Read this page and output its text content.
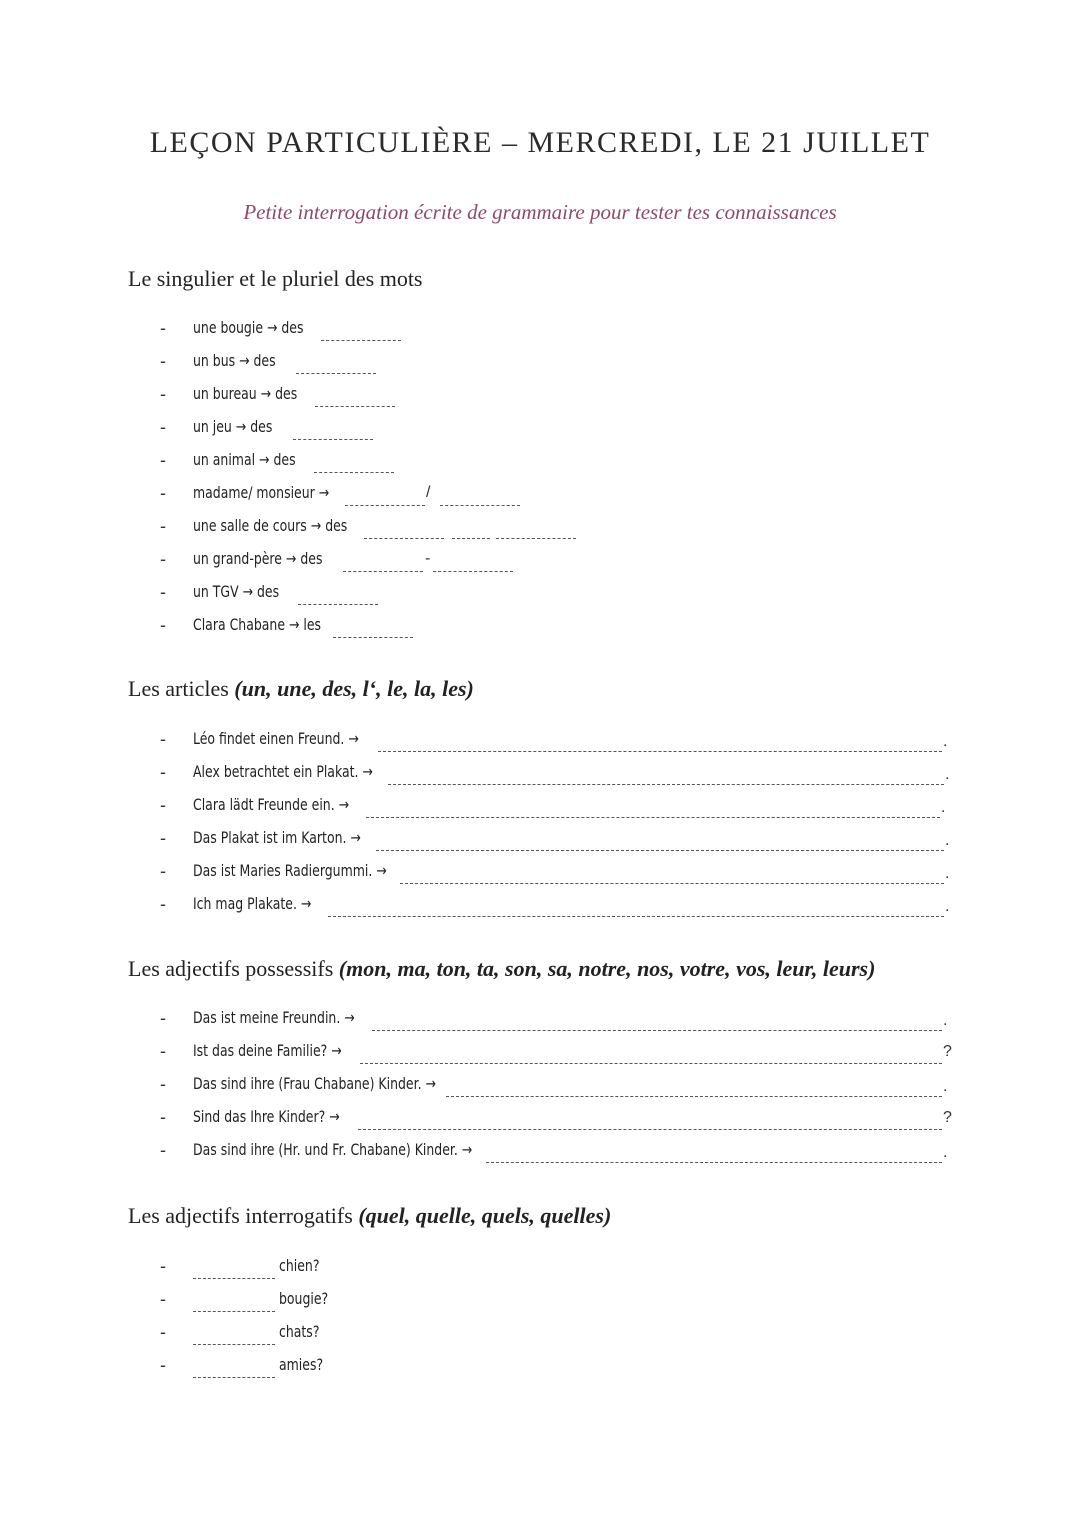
LEÇON PARTICULIÈRE – MERCREDI, LE 21 JUILLET
Petite interrogation écrite de grammaire pour tester tes connaissances
Le singulier et le pluriel des mots
- une bougie → des
- un bus → des
- un bureau → des
- un jeu → des
- un animal → des
- madame/ monsieur →	/
- une salle de cours → des
- un grand-père → des	-
- un TGV → des
- Clara Chabane → les
Les articles (un, une, des, l‘, le, la, les)
- Léo findet einen Freund. →	.
- Alex betrachtet ein Plakat. →	.
- Clara lädt Freunde ein. →	.
- Das Plakat ist im Karton. →	.
- Das ist Maries Radiergummi. →	.
- Ich mag Plakate. →	.
Les adjectifs possessifs (mon, ma, ton, ta, son, sa, notre, nos, votre, vos, leur, leurs)
- Das ist meine Freundin. →	.
- Ist das deine Familie? →	?
- Das sind ihre (Frau Chabane) Kinder. →	.
- Sind das Ihre Kinder? →	?
- Das sind ihre (Hr. und Fr. Chabane) Kinder. →	.
Les adjectifs interrogatifs (quel, quelle, quels, quelles)
-	chien?
-	bougie?
-	chats?
-	amies?
